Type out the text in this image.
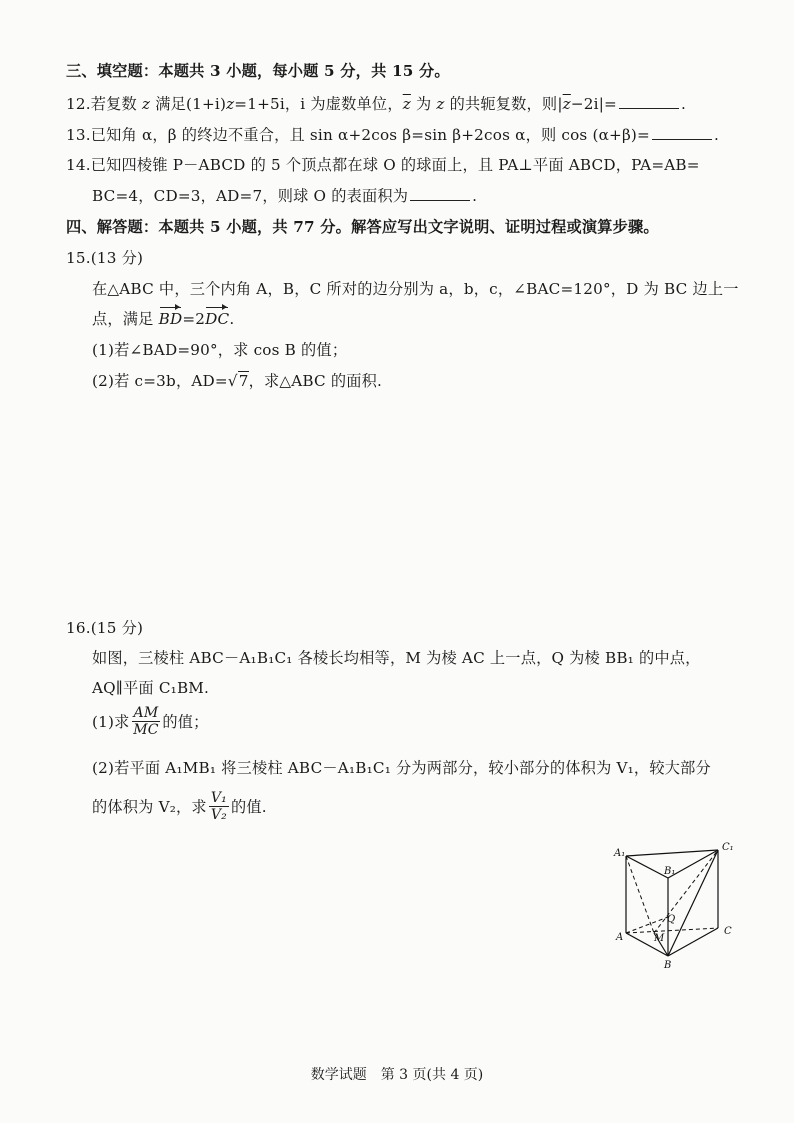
三、填空题：本题共 3 小题，每小题 5 分，共 15 分。
12.若复数 z 满足(1+i)z=1+5i，i 为虚数单位，$\overline{z}$ 为 z 的共轭复数，则$|\overline{z}-2i|=$	.
13.已知角 α，β 的终边不重合，且 sin α+2cos β=sin β+2cos α，则 cos (α+β)=	.
14.已知四棱锥 P－ABCD 的 5 个顶点都在球 O 的球面上，且 PA⊥平面 ABCD，PA=AB=
BC=4，CD=3，AD=7，则球 O 的表面积为	.
四、解答题：本题共 5 小题，共 77 分。解答应写出文字说明、证明过程或演算步骤。
15.(13 分)
在△ABC 中，三个内角 A，B，C 所对的边分别为 a，b，c，∠BAC=120°，D 为 BC 边上一
点，满足 BD=2DC.
(1)若∠BAD=90°，求 cos B 的值；
(2)若 c=3b，AD=√7，求△ABC 的面积.
16.(15 分)
如图，三棱柱 ABC－A₁B₁C₁ 各棱长均相等，M 为棱 AC 上一点，Q 为棱 BB₁ 的中点，
AQ∥平面 C₁BM.
(1)求 $\frac{AM}{MC}$ 的值；
(2)若平面 A₁MB₁ 将三棱柱 ABC－A₁B₁C₁ 分为两部分，较小部分的体积为 V₁，较大部分
的体积为 V₂，求 $\frac{\text{V₁}}{\text{V₂}}$ 的值.
A₁
B₁
C₁
A
B
C
M
Q
数学试题　第 3 页(共 4 页)
